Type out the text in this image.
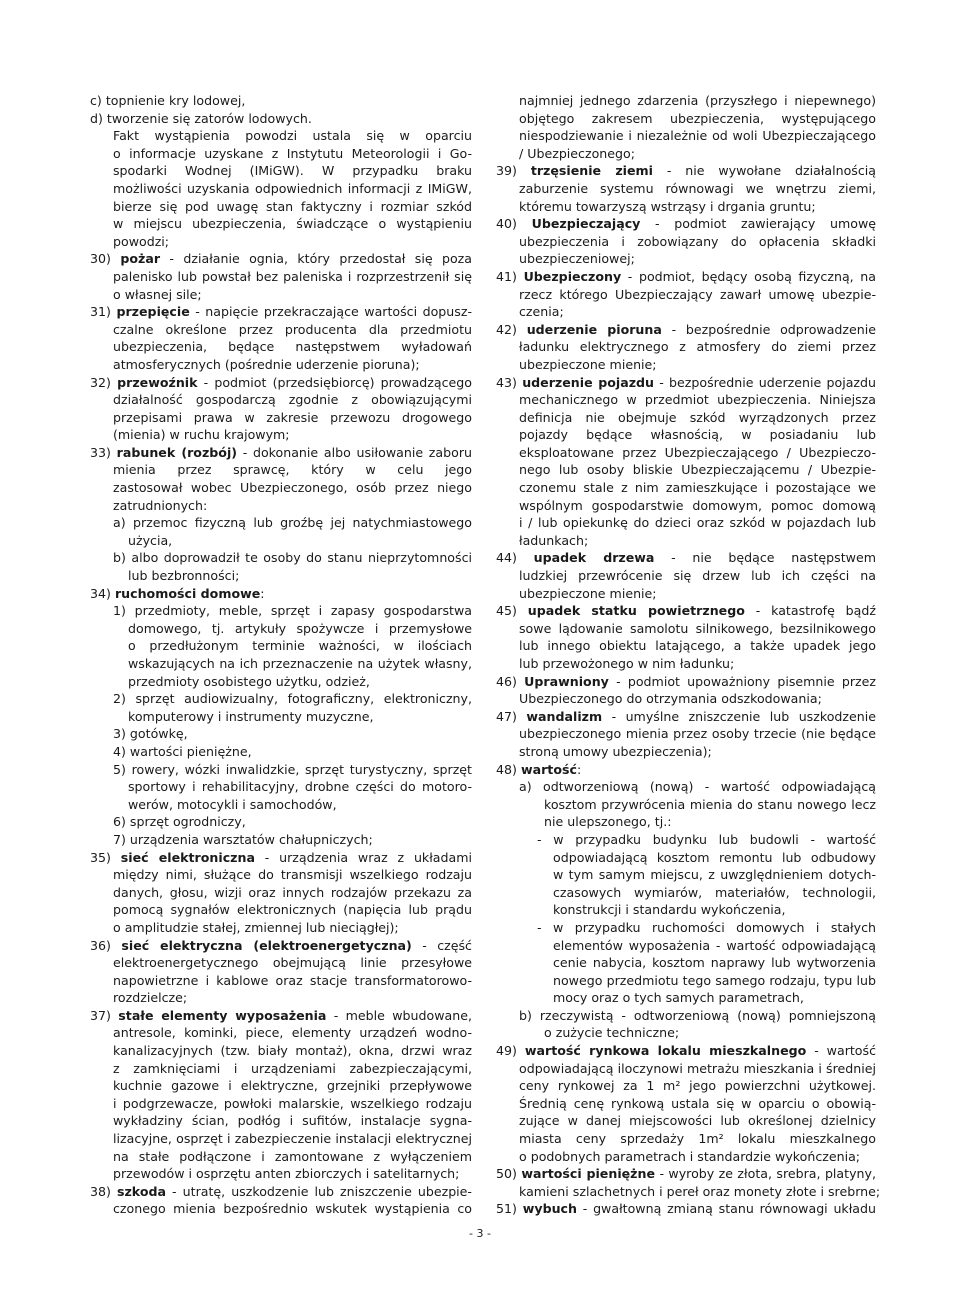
c) topnienie kry lodowej,
d) tworzenie się zatorów lodowych.
Fakt wystąpienia powodzi ustala się w oparciu
o informacje uzyskane z Instytutu Meteorologii i Go-
spodarki Wodnej (IMiGW). W przypadku braku
możliwości uzyskania odpowiednich informacji z IMiGW,
bierze się pod uwagę stan faktyczny i rozmiar szkód
w miejscu ubezpieczenia, świadczące o wystąpieniu
powodzi;
30) pożar - działanie ognia, który przedostał się poza
palenisko lub powstał bez paleniska i rozprzestrzenił się
o własnej sile;
31) przepięcie - napięcie przekraczające wartości dopusz-
czalne określone przez producenta dla przedmiotu
ubezpieczenia, będące następstwem wyładowań
atmosferycznych (pośrednie uderzenie pioruna);
32) przewoźnik - podmiot (przedsiębiorcę) prowadzącego
działalność gospodarczą zgodnie z obowiązującymi
przepisami prawa w zakresie przewozu drogowego
(mienia) w ruchu krajowym;
33) rabunek (rozbój) - dokonanie albo usiłowanie zaboru
mienia przez sprawcę, który w celu jego
zastosował wobec Ubezpieczonego, osób przez niego
zatrudnionych:
a) przemoc fizyczną lub groźbę jej natychmiastowego
użycia,
b) albo doprowadził te osoby do stanu nieprzytomności
lub bezbronności;
34) ruchomości domowe:
1) przedmioty, meble, sprzęt i zapasy gospodarstwa
domowego, tj. artykuły spożywcze i przemysłowe
o przedłużonym terminie ważności, w ilościach
wskazujących na ich przeznaczenie na użytek własny,
przedmioty osobistego użytku, odzież,
2) sprzęt audiowizualny, fotograficzny, elektroniczny,
komputerowy i instrumenty muzyczne,
3) gotówkę,
4) wartości pieniężne,
5) rowery, wózki inwalidzkie, sprzęt turystyczny, sprzęt
sportowy i rehabilitacyjny, drobne części do motoro-
werów, motocykli i samochodów,
6) sprzęt ogrodniczy,
7) urządzenia warsztatów chałupniczych;
35) sieć elektroniczna - urządzenia wraz z układami
między nimi, służące do transmisji wszelkiego rodzaju
danych, głosu, wizji oraz innych rodzajów przekazu za
pomocą sygnałów elektronicznych (napięcia lub prądu
o amplitudzie stałej, zmiennej lub nieciągłej);
36) sieć elektryczna (elektroenergetyczna) - część
elektroenergetycznego obejmującą linie przesyłowe
napowietrzne i kablowe oraz stacje transformatorowo-
rozdzielcze;
37) stałe elementy wyposażenia - meble wbudowane,
antresole, kominki, piece, elementy urządzeń wodno-
kanalizacyjnych (tzw. biały montaż), okna, drzwi wraz
z zamknięciami i urządzeniami zabezpieczającymi,
kuchnie gazowe i elektryczne, grzejniki przepływowe
i podgrzewacze, powłoki malarskie, wszelkiego rodzaju
wykładziny ścian, podłóg i sufitów, instalacje sygna-
lizacyjne, osprzęt i zabezpieczenie instalacji elektrycznej
na stałe podłączone i zamontowane z wyłączeniem
przewodów i osprzętu anten zbiorczych i satelitarnych;
38) szkoda - utratę, uszkodzenie lub zniszczenie ubezpie-
czonego mienia bezpośrednio wskutek wystąpienia co
najmniej jednego zdarzenia (przyszłego i niepewnego)
objętego zakresem ubezpieczenia, występującego
niespodziewanie i niezależnie od woli Ubezpieczającego
/ Ubezpieczonego;
39) trzęsienie ziemi - nie wywołane działalnością
zaburzenie systemu równowagi we wnętrzu ziemi,
któremu towarzyszą wstrząsy i drgania gruntu;
40) Ubezpieczający - podmiot zawierający umowę
ubezpieczenia i zobowiązany do opłacenia składki
ubezpieczeniowej;
41) Ubezpieczony - podmiot, będący osobą fizyczną, na
rzecz którego Ubezpieczający zawarł umowę ubezpie-
czenia;
42) uderzenie pioruna - bezpośrednie odprowadzenie
ładunku elektrycznego z atmosfery do ziemi przez
ubezpieczone mienie;
43) uderzenie pojazdu - bezpośrednie uderzenie pojazdu
mechanicznego w przedmiot ubezpieczenia. Niniejsza
definicja nie obejmuje szkód wyrządzonych przez
pojazdy będące własnością, w posiadaniu lub
eksploatowane przez Ubezpieczającego / Ubezpieczo-
nego lub osoby bliskie Ubezpieczającemu / Ubezpie-
czonemu stale z nim zamieszkujące i pozostające we
wspólnym gospodarstwie domowym, pomoc domową
i / lub opiekunkę do dzieci oraz szkód w pojazdach lub
ładunkach;
44) upadek drzewa - nie będące następstwem
ludzkiej przewrócenie się drzew lub ich części na
ubezpieczone mienie;
45) upadek statku powietrznego - katastrofę bądź
sowe lądowanie samolotu silnikowego, bezsilnikowego
lub innego obiektu latającego, a także upadek jego
lub przewożonego w nim ładunku;
46) Uprawniony - podmiot upoważniony pisemnie przez
Ubezpieczonego do otrzymania odszkodowania;
47) wandalizm - umyślne zniszczenie lub uszkodzenie
ubezpieczonego mienia przez osoby trzecie (nie będące
stroną umowy ubezpieczenia);
48) wartość:
a) odtworzeniową (nową) - wartość odpowiadającą
kosztom przywrócenia mienia do stanu nowego lecz
nie ulepszonego, tj.:
- w przypadku budynku lub budowli - wartość
odpowiadającą kosztom remontu lub odbudowy
w tym samym miejscu, z uwzględnieniem dotych-
czasowych wymiarów, materiałów, technologii,
konstrukcji i standardu wykończenia,
- w przypadku ruchomości domowych i stałych
elementów wyposażenia - wartość odpowiadającą
cenie nabycia, kosztom naprawy lub wytworzenia
nowego przedmiotu tego samego rodzaju, typu lub
mocy oraz o tych samych parametrach,
b) rzeczywistą - odtworzeniową (nową) pomniejszoną
o zużycie techniczne;
49) wartość rynkowa lokalu mieszkalnego - wartość
odpowiadającą iloczynowi metrażu mieszkania i średniej
ceny rynkowej za 1 m² jego powierzchni użytkowej.
Średnią cenę rynkową ustala się w oparciu o obowią-
zujące w danej miejscowości lub określonej dzielnicy
miasta ceny sprzedaży 1m² lokalu mieszkalnego
o podobnych parametrach i standardzie wykończenia;
50) wartości pieniężne - wyroby ze złota, srebra, platyny,
kamieni szlachetnych i pereł oraz monety złote i srebrne;
51) wybuch - gwałtowną zmianą stanu równowagi układu
- 3 -
